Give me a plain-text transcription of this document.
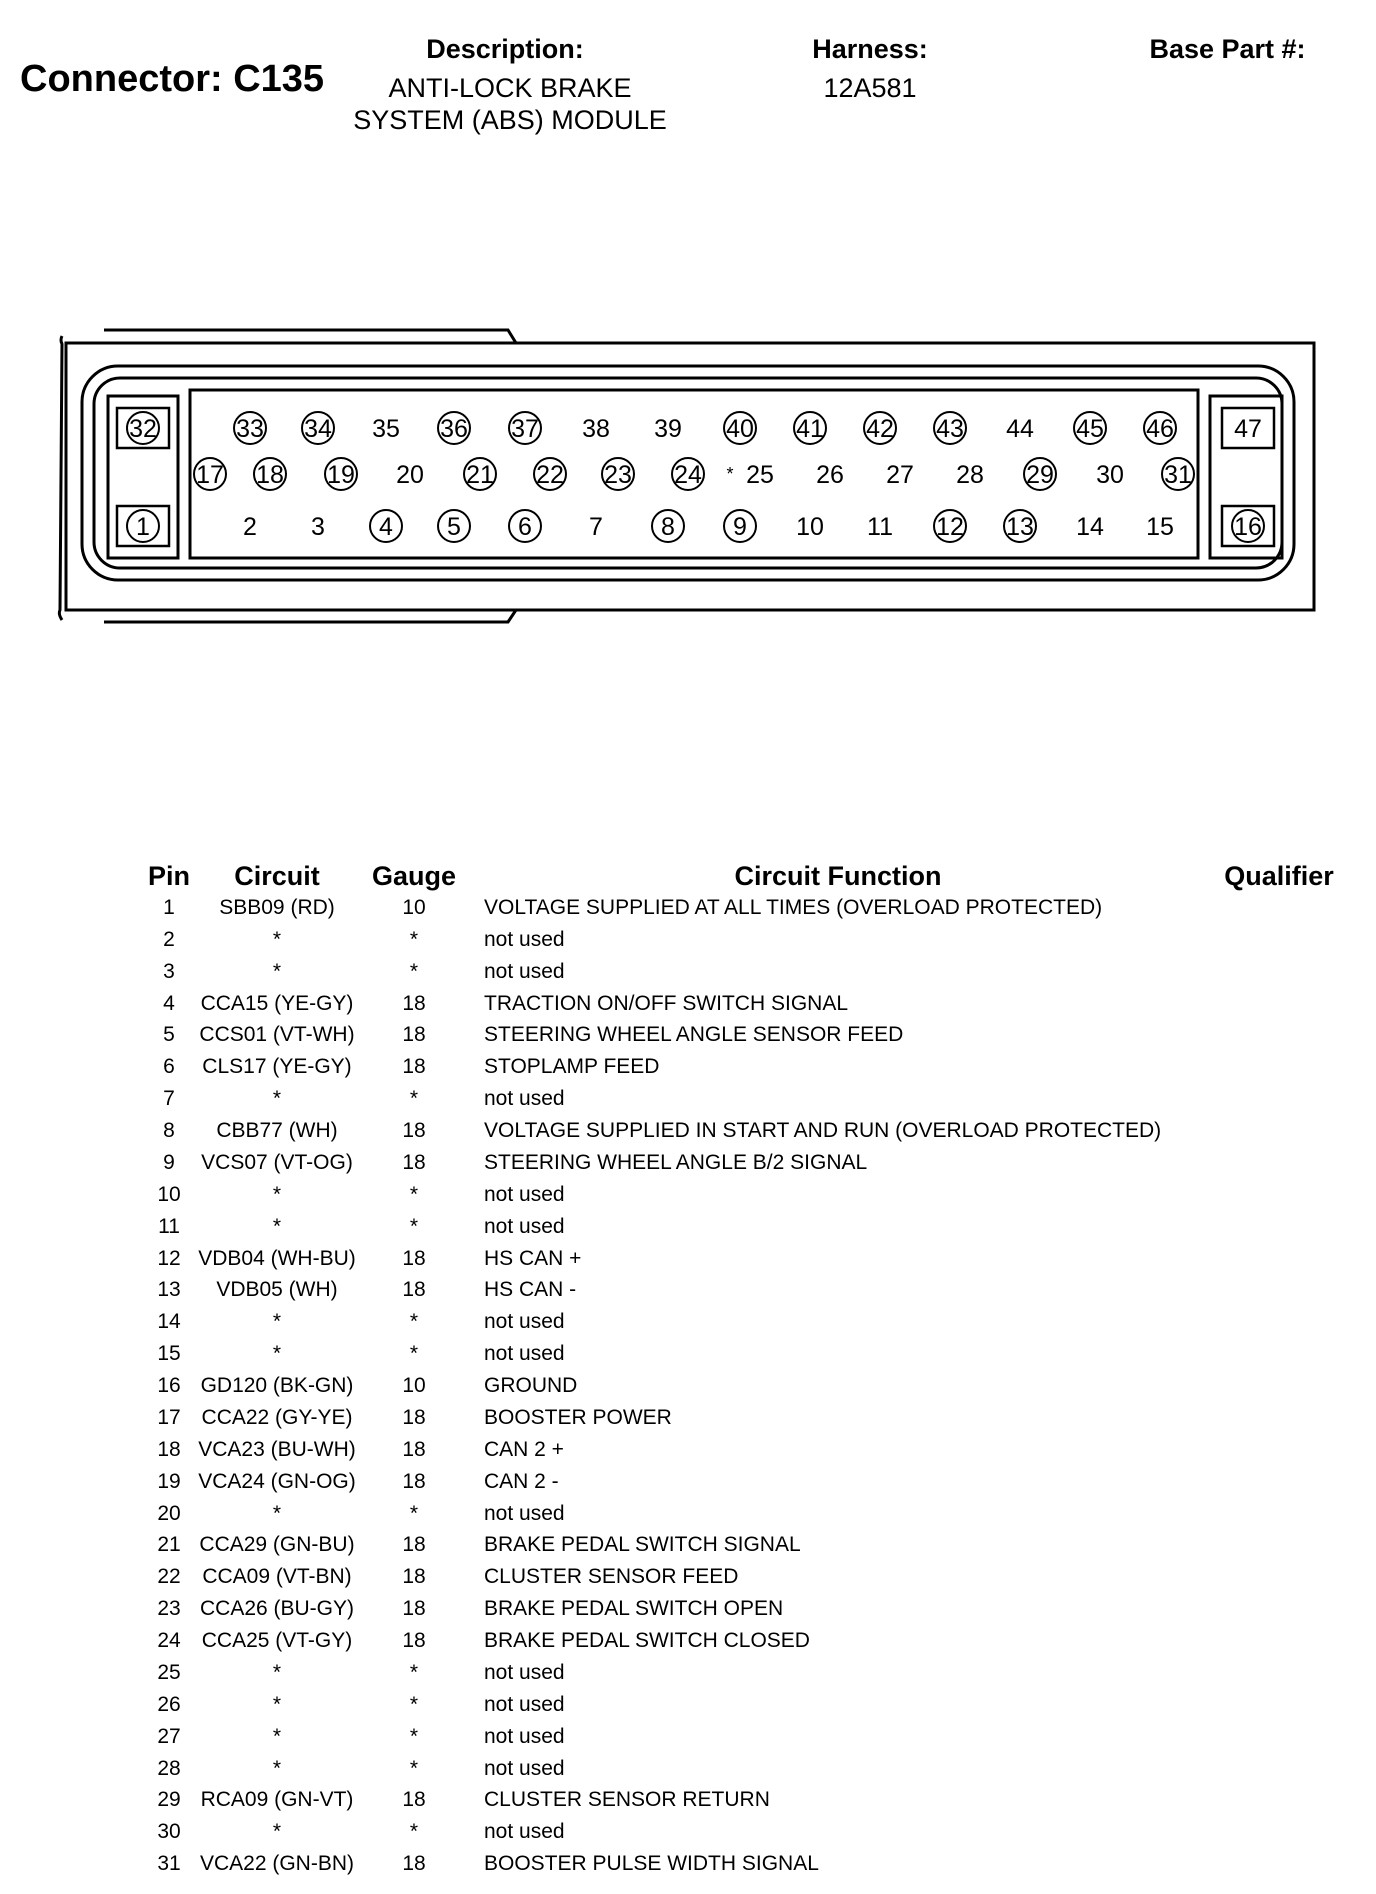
Connector: C135
Description:
ANTI-LOCK BRAKE
SYSTEM (ABS) MODULE
Harness:
12A581
Base Part #:
32	33 34 35 36 37 38 39 40 41 42 43 44 45 46 47
17 18 19 20 21 22 23 24 25 26 27 28 29 30 31
1	2 3 4 5 6 7 8 9 10 11 12 13 14 15 16
*
Pin	Circuit	Gauge	Circuit Function	Qualifier
1	SBB09 (RD)	10	VOLTAGE SUPPLIED AT ALL TIMES (OVERLOAD PROTECTED)	
2	*	*	not used	
3	*	*	not used	
4	CCA15 (YE-GY)	18	TRACTION ON/OFF SWITCH SIGNAL	
5	CCS01 (VT-WH)	18	STEERING WHEEL ANGLE SENSOR FEED	
6	CLS17 (YE-GY)	18	STOPLAMP FEED	
7	*	*	not used	
8	CBB77 (WH)	18	VOLTAGE SUPPLIED IN START AND RUN (OVERLOAD PROTECTED)	
9	VCS07 (VT-OG)	18	STEERING WHEEL ANGLE B/2 SIGNAL	
10	*	*	not used	
11	*	*	not used	
12	VDB04 (WH-BU)	18	HS CAN +	
13	VDB05 (WH)	18	HS CAN -	
14	*	*	not used	
15	*	*	not used	
16	GD120 (BK-GN)	10	GROUND	
17	CCA22 (GY-YE)	18	BOOSTER POWER	
18	VCA23 (BU-WH)	18	CAN 2 +	
19	VCA24 (GN-OG)	18	CAN 2 -	
20	*	*	not used	
21	CCA29 (GN-BU)	18	BRAKE PEDAL SWITCH SIGNAL	
22	CCA09 (VT-BN)	18	CLUSTER SENSOR FEED	
23	CCA26 (BU-GY)	18	BRAKE PEDAL SWITCH OPEN	
24	CCA25 (VT-GY)	18	BRAKE PEDAL SWITCH CLOSED	
25	*	*	not used	
26	*	*	not used	
27	*	*	not used	
28	*	*	not used	
29	RCA09 (GN-VT)	18	CLUSTER SENSOR RETURN	
30	*	*	not used	
31	VCA22 (GN-BN)	18	BOOSTER PULSE WIDTH SIGNAL	
